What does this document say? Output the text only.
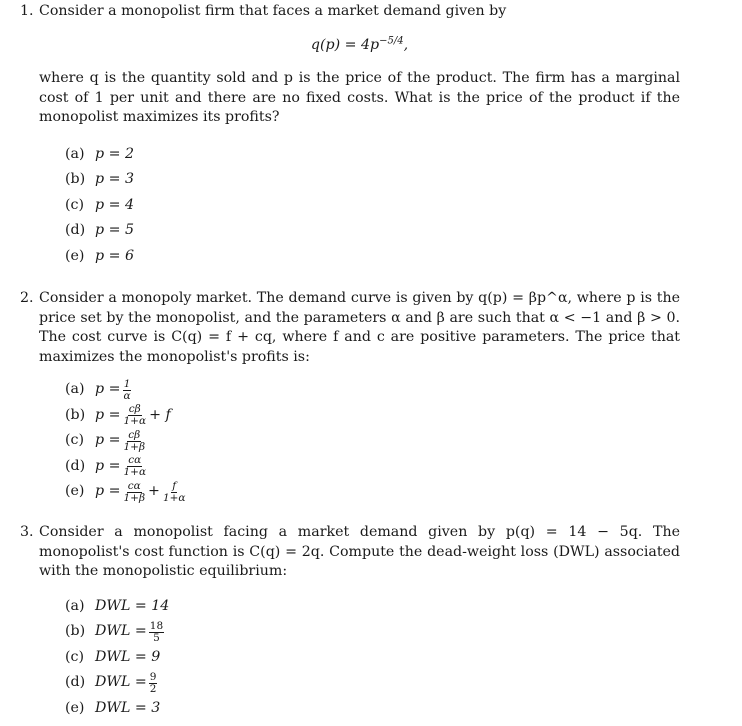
1. Consider a monopolist firm that faces a market demand given by
$q(p) = 4p^{-5/4}$,
where q is the quantity sold and p is the price of the product. The firm has a marginal cost of 1 per unit and there are no fixed costs. What is the price of the product if the monopolist maximizes its profits?
(a) p = 2
(b) p = 3
(c) p = 4
(d) p = 5
(e) p = 6
2. Consider a monopoly market. The demand curve is given by q(p) = βp^α, where p is the price set by the monopolist, and the parameters α and β are such that α < −1 and β > 0. The cost curve is C(q) = f + cq, where f and c are positive parameters. The price that maximizes the monopolist's profits is:
(a) $p = \frac{1}{\alpha}$
(b) $p = \frac{c\beta}{1+\alpha} + f$
(c) $p = \frac{c\beta}{1+\beta}$
(d) $p = \frac{c\alpha}{1+\alpha}$
(e) $p = \frac{c\alpha}{1+\beta} + \frac{f}{1+\alpha}$
3. Consider a monopolist facing a market demand given by p(q) = 14 − 5q. The monopolist's cost function is C(q) = 2q. Compute the dead-weight loss (DWL) associated with the monopolistic equilibrium:
(a) DWL = 14
(b) DWL = $\frac{18}{5}$
(c) DWL = 9
(d) DWL = $\frac{9}{2}$
(e) DWL = 3
